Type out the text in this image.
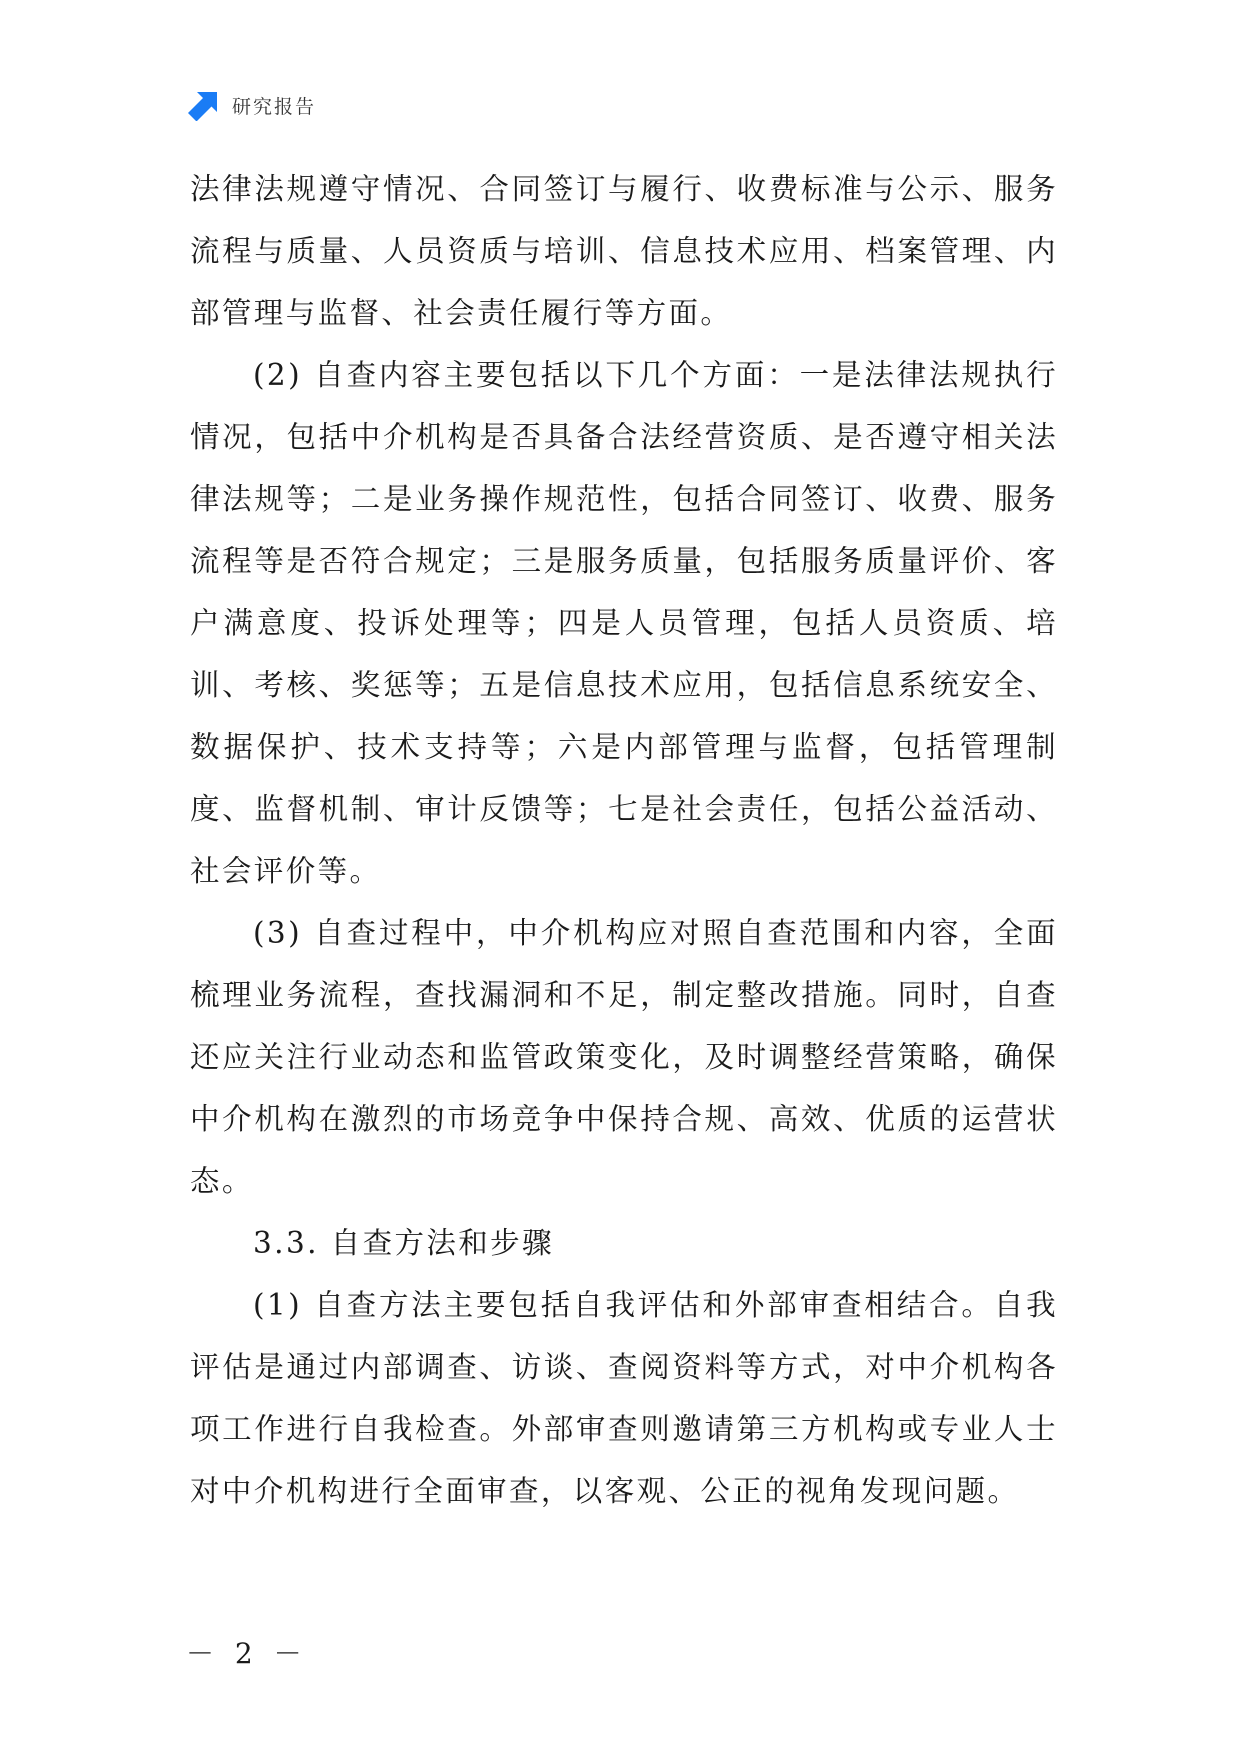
研究报告

法律法规遵守情况、合同签订与履行、收费标准与公示、服务流程与质量、人员资质与培训、信息技术应用、档案管理、内部管理与监督、社会责任履行等方面。

(2) 自查内容主要包括以下几个方面：一是法律法规执行情况，包括中介机构是否具备合法经营资质、是否遵守相关法律法规等；二是业务操作规范性，包括合同签订、收费、服务流程等是否符合规定；三是服务质量，包括服务质量评价、客户满意度、投诉处理等；四是人员管理，包括人员资质、培训、考核、奖惩等；五是信息技术应用，包括信息系统安全、数据保护、技术支持等；六是内部管理与监督，包括管理制度、监督机制、审计反馈等；七是社会责任，包括公益活动、社会评价等。

(3) 自查过程中，中介机构应对照自查范围和内容，全面梳理业务流程，查找漏洞和不足，制定整改措施。同时，自查还应关注行业动态和监管政策变化，及时调整经营策略，确保中介机构在激烈的市场竞争中保持合规、高效、优质的运营状态。

3.3. 自查方法和步骤

(1) 自查方法主要包括自我评估和外部审查相结合。自我评估是通过内部调查、访谈、查阅资料等方式，对中介机构各项工作进行自我检查。外部审查则邀请第三方机构或专业人士对中介机构进行全面审查，以客观、公正的视角发现问题。

－ 2 －
